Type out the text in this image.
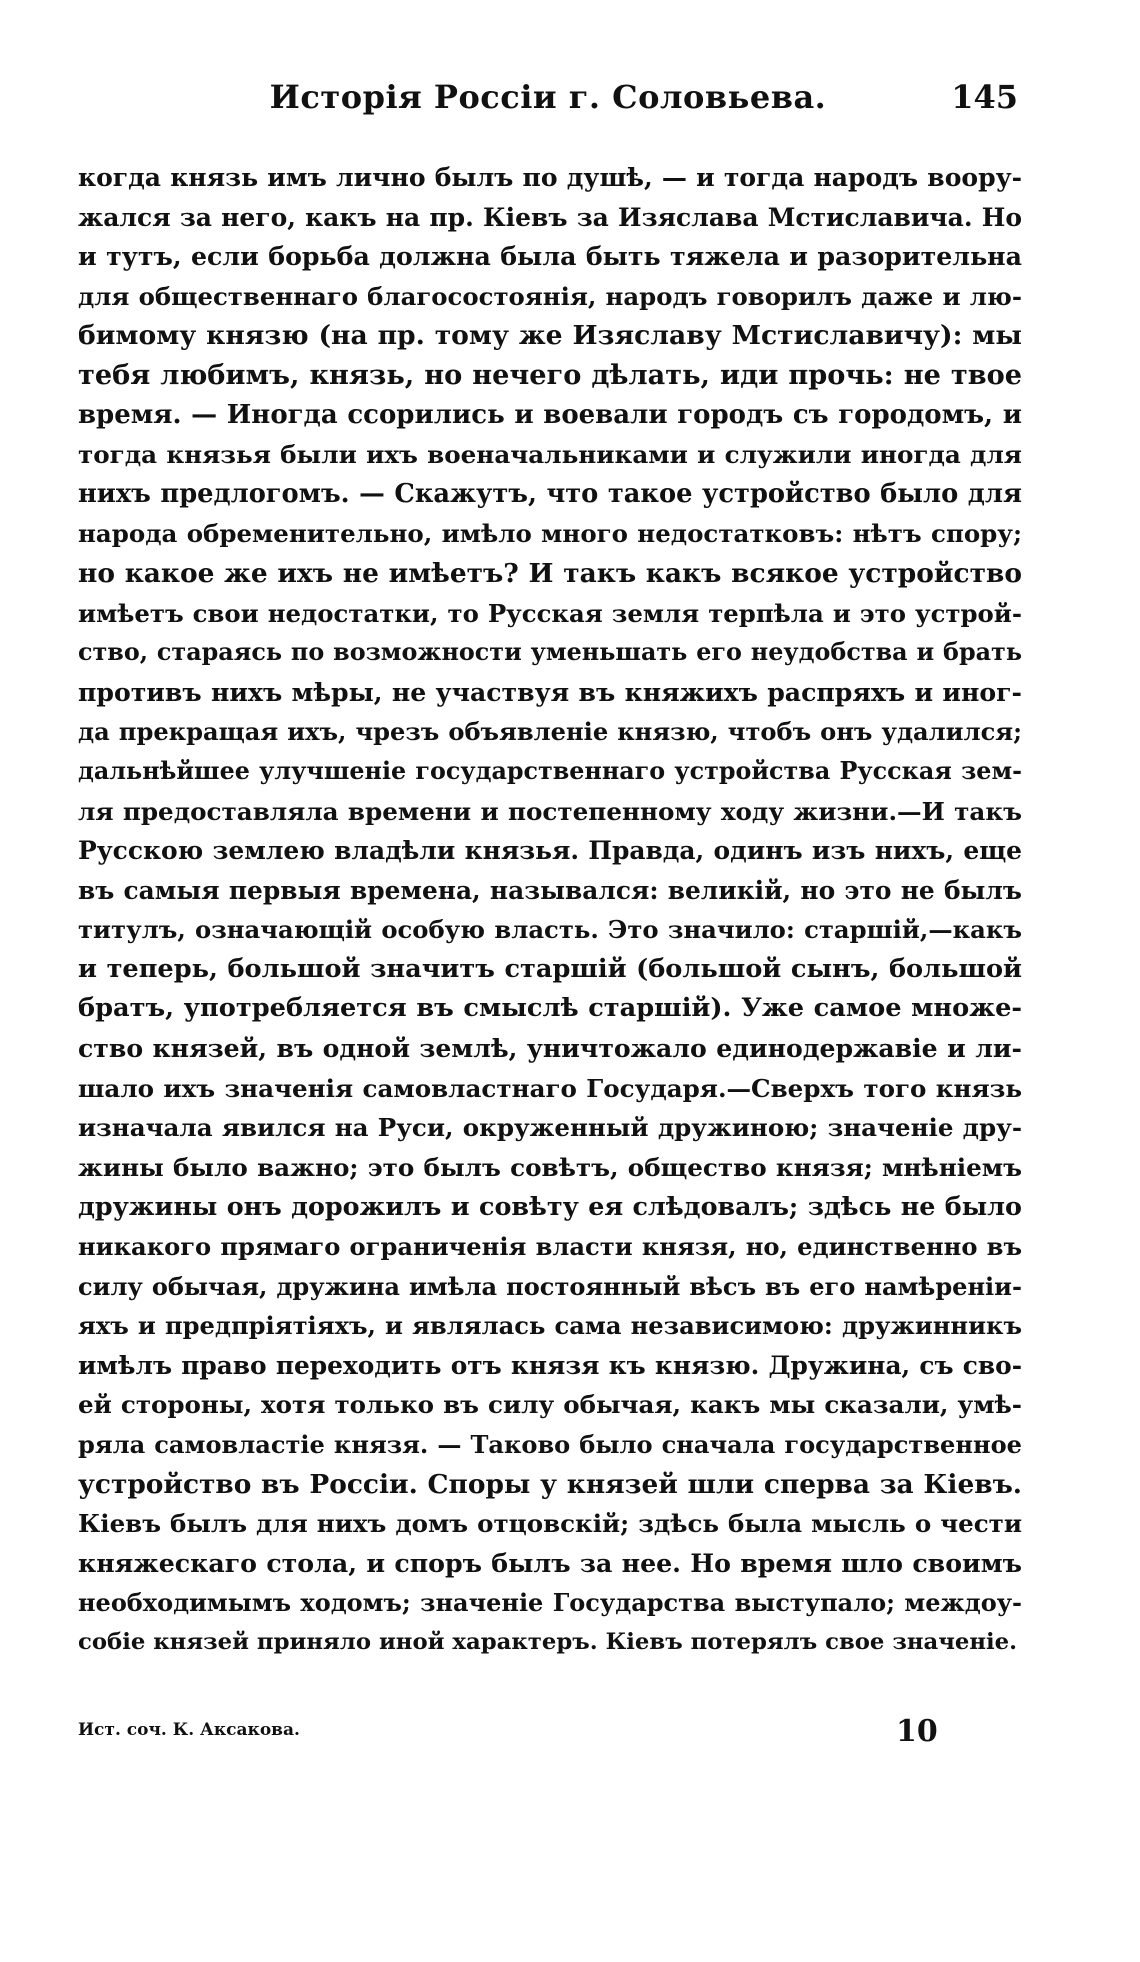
Исторія Россіи г. Соловьева.	145
когда князь имъ лично былъ по душѣ, — и тогда народъ воору-
жался за него, какъ на пр. Кіевъ за Изяслава Мстиславича. Но
и тутъ, если борьба должна была быть тяжела и разорительна
для общественнаго благосостоянія, народъ говорилъ даже и лю-
бимому князю (на пр. тому же Изяславу Мстиславичу): мы
тебя любимъ, князь, но нечего дѣлать, иди прочь: не твое
время. — Иногда ссорились и воевали городъ съ городомъ, и
тогда князья были ихъ военачальниками и служили иногда для
нихъ предлогомъ. — Скажутъ, что такое устройство было для
народа обременительно, имѣло много недостатковъ: нѣтъ спору;
но какое же ихъ не имѣетъ? И такъ какъ всякое устройство
имѣетъ свои недостатки, то Русская земля терпѣла и это устрой-
ство, стараясь по возможности уменьшать его неудобства и брать
противъ нихъ мѣры, не участвуя въ княжихъ распряхъ и иног-
да прекращая ихъ, чрезъ объявленіе князю, чтобъ онъ удалился;
дальнѣйшее улучшеніе государственнаго устройства Русская зем-
ля предоставляла времени и постепенному ходу жизни.—И такъ
Русскою землею владѣли князья. Правда, одинъ изъ нихъ, еще
въ самыя первыя времена, назывался: великій, но это не былъ
титулъ, означающій особую власть. Это значило: старшій,—какъ
и теперь, большой значитъ старшій (большой сынъ, большой
братъ, употребляется въ смыслѣ старшій). Уже самое множе-
ство князей, въ одной землѣ, уничтожало единодержавіе и ли-
шало ихъ значенія самовластнаго Государя.—Сверхъ того князь
изначала явился на Руси, окруженный дружиною; значеніе дру-
жины было важно; это былъ совѣтъ, общество князя; мнѣніемъ
дружины онъ дорожилъ и совѣту ея слѣдовалъ; здѣсь не было
никакого прямаго ограниченія власти князя, но, единственно въ
силу обычая, дружина имѣла постоянный вѣсъ въ его намѣреніи-
яхъ и предпріятіяхъ, и являлась сама независимою: дружинникъ
имѣлъ право переходить отъ князя къ князю. Дружина, съ сво-
ей стороны, хотя только въ силу обычая, какъ мы сказали, умѣ-
ряла самовластіе князя. — Таково было сначала государственное
устройство въ Россіи. Споры у князей шли сперва за Кіевъ.
Кіевъ былъ для нихъ домъ отцовскій; здѣсь была мысль о чести
княжескаго стола, и споръ былъ за нее. Но время шло своимъ
необходимымъ ходомъ; значеніе Государства выступало; междоу-
собіе князей приняло иной характеръ. Кіевъ потерялъ свое значеніе.
Ист. соч. К. Аксакова.	10
